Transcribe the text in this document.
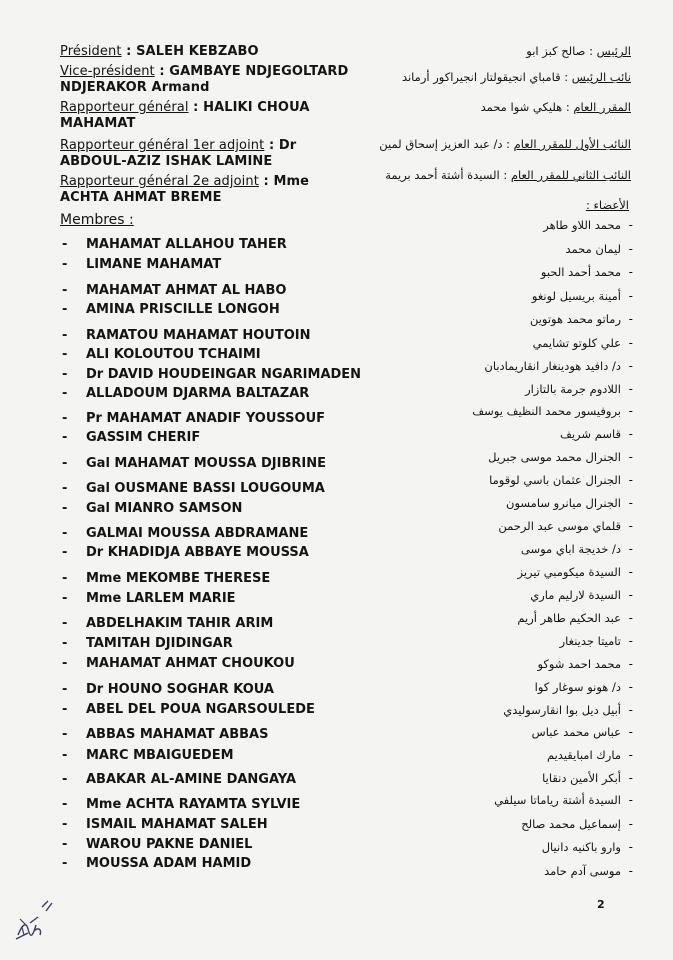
Président : SALEH KEBZABO
Vice-président : GAMBAYE NDJEGOLTARD
NDJERAKOR Armand
Rapporteur général : HALIKI CHOUA
MAHAMAT
Rapporteur général 1er adjoint : Dr
ABDOUL-AZIZ ISHAK LAMINE
Rapporteur général 2e adjoint : Mme
ACHTA AHMAT BREME
الرئيس : صالح كبز ابو
نائب الرئيس : قامباي انجيقولتار انجيراكور أرماند
المقرر العام : هليكي شوا محمد
النائب الأول للمقرر العام : د/ عبد العزيز إسحاق لمين
النائب الثاني للمقرر العام : السيدة أشتة أحمد بريمة
Membres :
الأعضاء :
- MAHAMAT ALLAHOU TAHER
- LIMANE MAHAMAT
- MAHAMAT AHMAT AL HABO
- AMINA PRISCILLE LONGOH
- RAMATOU MAHAMAT HOUTOIN
- ALI KOLOUTOU TCHAIMI
- Dr DAVID HOUDEINGAR NGARIMADEN
- ALLADOUM DJARMA BALTAZAR
- Pr MAHAMAT ANADIF YOUSSOUF
- GASSIM CHERIF
- Gal MAHAMAT MOUSSA DJIBRINE
- Gal OUSMANE BASSI LOUGOUMA
- Gal MIANRO SAMSON
- GALMAI MOUSSA ABDRAMANE
- Dr KHADIDJA ABBAYE MOUSSA
- Mme MEKOMBE THERESE
- Mme LARLEM MARIE
- ABDELHAKIM TAHIR ARIM
- TAMITAH DJIDINGAR
- MAHAMAT AHMAT CHOUKOU
- Dr HOUNO SOGHAR KOUA
- ABEL DEL POUA NGARSOULEDE
- ABBAS MAHAMAT ABBAS
- MARC MBAIGUEDEM
- ABAKAR AL-AMINE DANGAYA
- Mme ACHTA RAYAMTA SYLVIE
- ISMAIL MAHAMAT SALEH
- WAROU PAKNE DANIEL
- MOUSSA ADAM HAMID
محمد اللاو طاهر -
ليمان محمد -
محمد أحمد الحبو -
أمينة بريسيل لونغو -
رماتو محمد هوتوين -
علي كلوتو تشايمي -
د/ دافيد هودينغار انقاريمادبان -
اللادوم جرمة بالتازار -
بروفيسور محمد النظيف يوسف -
قاسم شريف -
الجنرال محمد موسى جبريل -
الجنرال عثمان باسي لوقوما -
الجنرال ميانرو سامسون -
قلماي موسى عبد الرحمن -
د/ خديجة اباي موسى -
السيدة ميكومبي تيريز -
السيدة لارليم ماري -
عبد الحكيم طاهر أريم -
تاميتا جدينغار -
محمد احمد شوكو -
د/ هونو سوغار كوا -
أبيل ديل بوا انقارسوليدي -
عباس محمد عباس -
مارك امبايقيديم -
أبكر الأمين دنقايا -
السيدة أشتة رياماتا سيلفي -
إسماعيل محمد صالح -
وارو باكنيه دانيال -
موسى آدم حامد -
2
